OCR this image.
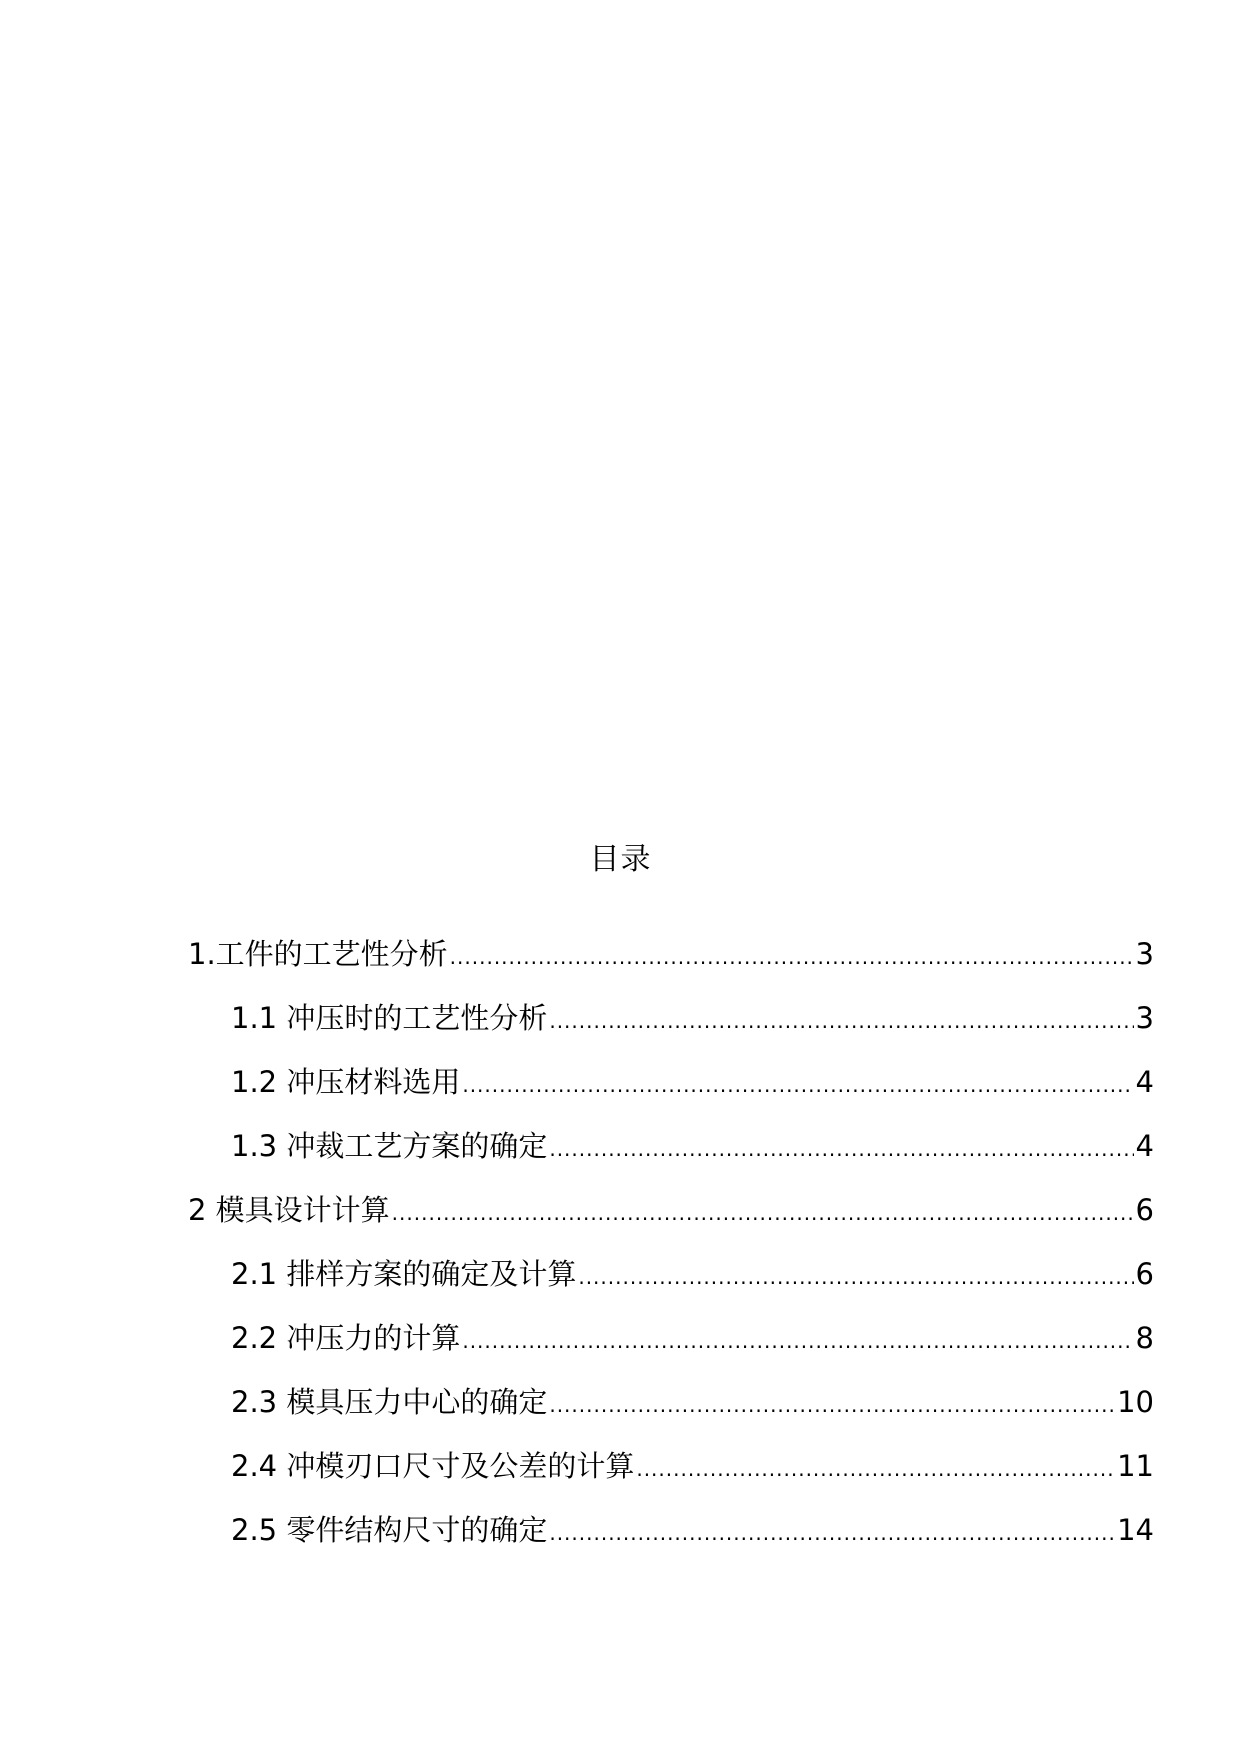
目录
1.工件的工艺性分析 .....	3
1.1 冲压时的工艺性分析 .....	3
1.2 冲压材料选用 .....	4
1.3 冲裁工艺方案的确定 .....	4
2 模具设计计算 .....	6
2.1 排样方案的确定及计算 .....	6
2.2 冲压力的计算 .....	8
2.3 模具压力中心的确定 .....	10
2.4 冲模刃口尺寸及公差的计算 .....	11
2.5 零件结构尺寸的确定 .....	14
